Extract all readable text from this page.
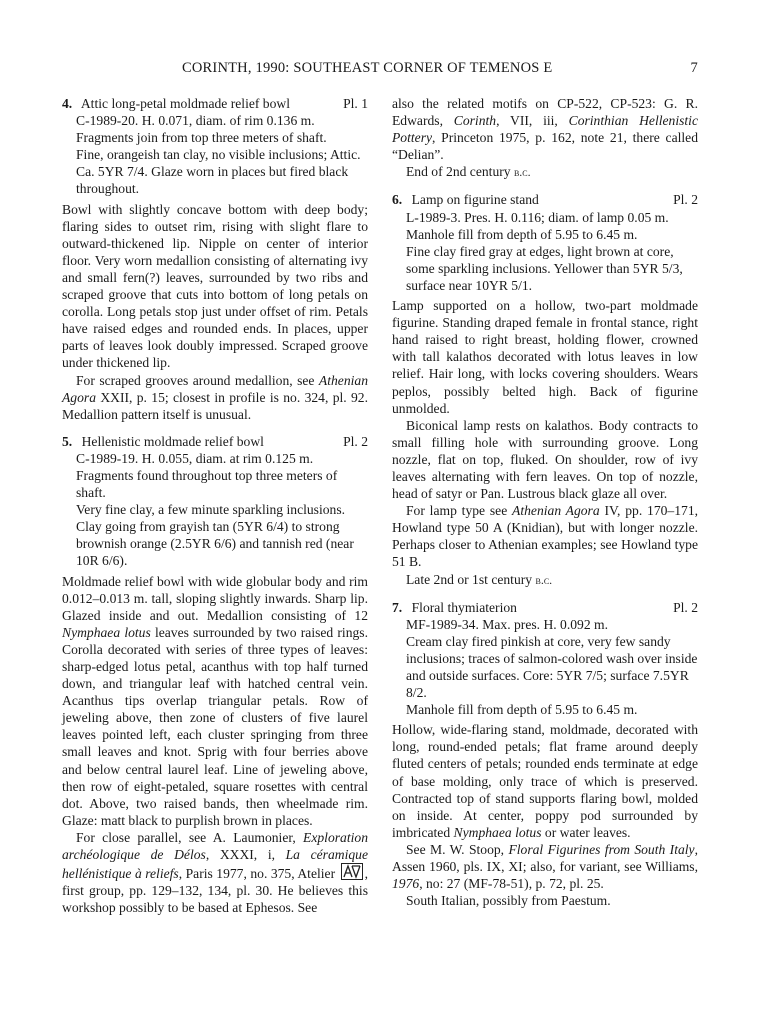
CORINTH, 1990: SOUTHEAST CORNER OF TEMENOS E	7
4. Attic long-petal moldmade relief bowl	Pl. 1

C-1989-20. H. 0.071, diam. of rim 0.136 m.

Fragments join from top three meters of shaft.

Fine, orangeish tan clay, no visible inclusions; Attic. Ca. 5YR 7/4. Glaze worn in places but fired black throughout.

Bowl with slightly concave bottom with deep body; flaring sides to outset rim, rising with slight flare to outward-thickened lip. Nipple on center of interior floor. Very worn medallion consisting of alternating ivy and small fern(?) leaves, surrounded by two ribs and scraped groove that cuts into bottom of long petals on corolla. Long petals stop just under offset of rim. Petals have raised edges and rounded ends. In places, upper parts of leaves look doubly impressed. Scraped groove under thickened lip.

For scraped grooves around medallion, see Athenian Agora XXII, p. 15; closest in profile is no. 324, pl. 92. Medallion pattern itself is unusual.

5. Hellenistic moldmade relief bowl	Pl. 2

C-1989-19. H. 0.055, diam. at rim 0.125 m.

Fragments found throughout top three meters of shaft.

Very fine clay, a few minute sparkling inclusions. Clay going from grayish tan (5YR 6/4) to strong brownish orange (2.5YR 6/6) and tannish red (near 10R 6/6).

Moldmade relief bowl with wide globular body and rim 0.012–0.013 m. tall, sloping slightly inwards. Sharp lip. Glazed inside and out. Medallion consisting of 12 Nymphaea lotus leaves surrounded by two raised rings. Corolla decorated with series of three types of leaves: sharp-edged lotus petal, acanthus with top half turned down, and triangular leaf with hatched central vein. Acanthus tips overlap triangular petals. Row of jeweling above, then zone of clusters of five laurel leaves pointed left, each cluster springing from three small leaves and knot. Sprig with four berries above and below central laurel leaf. Line of jeweling above, then row of eight-petaled, square rosettes with central dot. Above, two raised bands, then wheelmade rim. Glaze: matt black to purplish brown in places.

For close parallel, see A. Laumonier, Exploration archéologique de Délos, XXXI, i, La céramique hellénistique à reliefs, Paris 1977, no. 375, Atelier
, first group, pp. 129–132, 134, pl. 30. He believes this workshop possibly to be based at Ephesos. See

also the related motifs on CP-522, CP-523: G. R. Edwards, Corinth, VII, iii, Corinthian Hellenistic Pottery, Princeton 1975, p. 162, note 21, there called “Delian”.

End of 2nd century b.c.

6. Lamp on figurine stand	Pl. 2

L-1989-3. Pres. H. 0.116; diam. of lamp 0.05 m.

Manhole fill from depth of 5.95 to 6.45 m.

Fine clay fired gray at edges, light brown at core, some sparkling inclusions. Yellower than 5YR 5/3, surface near 10YR 5/1.

Lamp supported on a hollow, two-part moldmade figurine. Standing draped female in frontal stance, right hand raised to right breast, holding flower, crowned with tall kalathos decorated with lotus leaves in low relief. Hair long, with locks covering shoulders. Wears peplos, possibly belted high. Back of figurine unmolded.

Biconical lamp rests on kalathos. Body contracts to small filling hole with surrounding groove. Long nozzle, flat on top, fluked. On shoulder, row of ivy leaves alternating with fern leaves. On top of nozzle, head of satyr or Pan. Lustrous black glaze all over.

For lamp type see Athenian Agora IV, pp. 170–171, Howland type 50 A (Knidian), but with longer nozzle. Perhaps closer to Athenian examples; see Howland type 51 B.

Late 2nd or 1st century b.c.

7. Floral thymiaterion	Pl. 2

MF-1989-34. Max. pres. H. 0.092 m.

Cream clay fired pinkish at core, very few sandy inclusions; traces of salmon-colored wash over inside and outside surfaces. Core: 5YR 7/5; surface 7.5YR 8/2.

Manhole fill from depth of 5.95 to 6.45 m.

Hollow, wide-flaring stand, moldmade, decorated with long, round-ended petals; flat frame around deeply fluted centers of petals; rounded ends terminate at edge of base molding, only trace of which is preserved. Contracted top of stand supports flaring bowl, molded on inside. At center, poppy pod surrounded by imbricated Nymphaea lotus or water leaves.

See M. W. Stoop, Floral Figurines from South Italy, Assen 1960, pls. IX, XI; also, for variant, see Williams, 1976, no: 27 (MF-78-51), p. 72, pl. 25.

South Italian, possibly from Paestum.
